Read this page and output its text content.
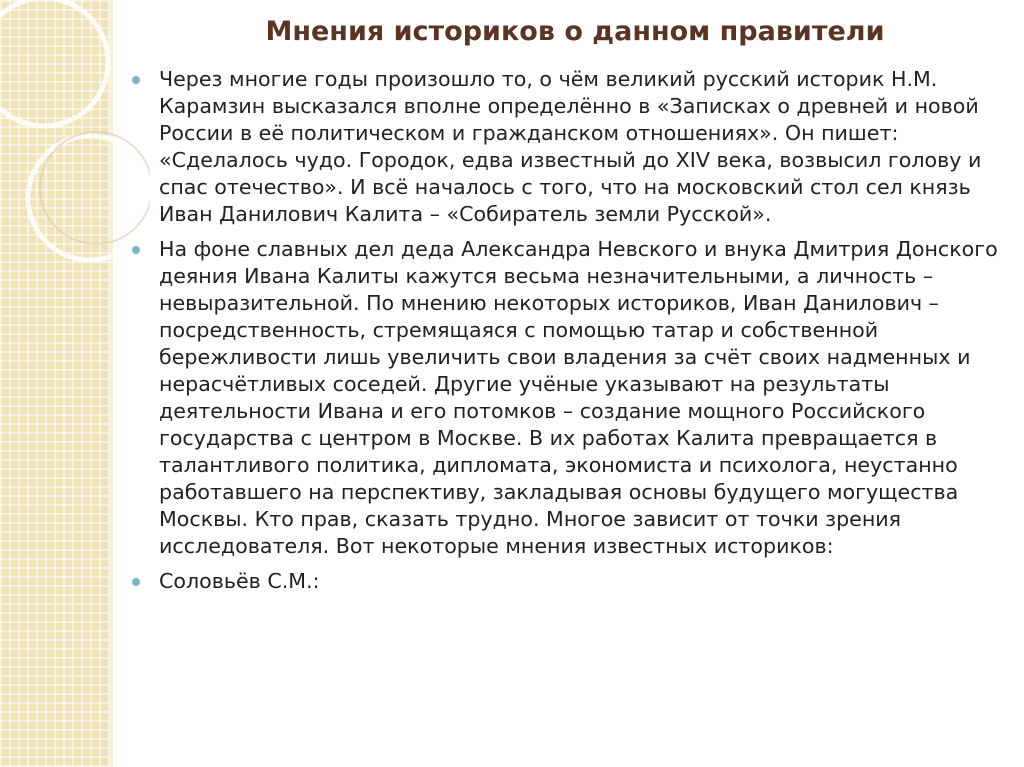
Мнения историков о данном правители
Через многие годы произошло то, о чём великий русский историк Н.М. Карамзин высказался вполне определённо в «Записках о древней и новой России в её политическом и гражданском отношениях». Он пишет: «Сделалось чудо. Городок, едва известный до XIV века, возвысил голову и спас отечество». И всё началось с того, что на московский стол сел князь Иван Данилович Калита – «Собиратель земли Русской».
На фоне славных дел деда Александра Невского и внука Дмитрия Донского деяния Ивана Калиты кажутся весьма незначительными, а личность – невыразительной. По мнению некоторых историков, Иван Данилович – посредственность, стремящаяся с помощью татар и собственной бережливости лишь увеличить свои владения за счёт своих надменных и нерасчётливых соседей. Другие учёные указывают на результаты деятельности Ивана и его потомков – создание мощного Российского государства с центром в Москве. В их работах Калита превращается в талантливого политика, дипломата, экономиста и психолога, неустанно работавшего на перспективу, закладывая основы будущего могущества Москвы. Кто прав, сказать трудно. Многое зависит от точки зрения исследователя. Вот некоторые мнения известных историков:
Соловьёв С.М.:
